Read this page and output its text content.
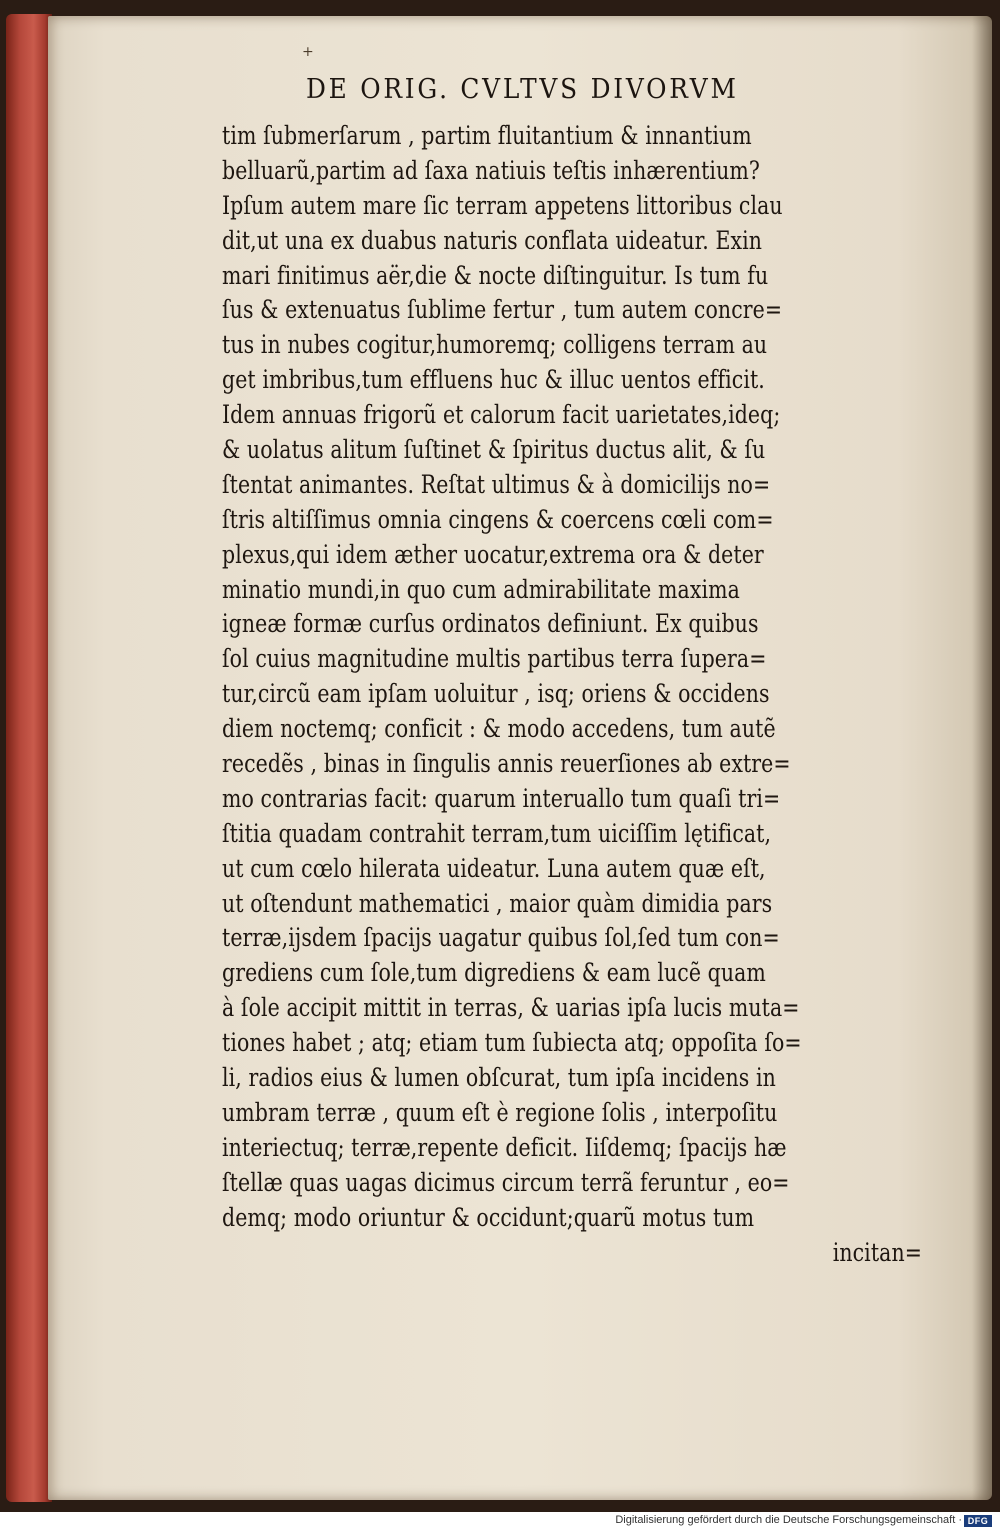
+
DE ORIG. CVLTVS DIVORVM
tim ſubmerſarum , partim fluitantium & innantium
belluarũ,partim ad ſaxa natiuis teſtis inhærentium?
Ipſum autem mare ſic terram appetens littoribus clau
dit,ut una ex duabus naturis conflata uideatur. Exin
mari finitimus aër,die & nocte diſtinguitur. Is tum fu
ſus & extenuatus ſublime fertur , tum autem concre=
tus in nubes cogitur,humoremq; colligens terram au
get imbribus,tum effluens huc & illuc uentos efficit.
Idem annuas frigorũ et calorum facit uarietates,ideq;
& uolatus alitum ſuſtinet & ſpiritus ductus alit, & ſu
ſtentat animantes. Reſtat ultimus & à domicilijs no=
ſtris altiſſimus omnia cingens & coercens cœli com=
plexus,qui idem æther uocatur,extrema ora & deter
minatio mundi,in quo cum admirabilitate maxima
igneæ formæ curſus ordinatos definiunt. Ex quibus
ſol cuius magnitudine multis partibus terra ſupera=
tur,circũ eam ipſam uoluitur , isq; oriens & occidens
diem noctemq; conficit : & modo accedens, tum autẽ
recedẽs , binas in ſingulis annis reuerſiones ab extre=
mo contrarias facit: quarum interuallo tum quaſi tri=
ſtitia quadam contrahit terram,tum uiciſſim lętificat,
ut cum cœlo hilerata uideatur. Luna autem quæ eſt,
ut oſtendunt mathematici , maior quàm dimidia pars
terræ,ijsdem ſpacijs uagatur quibus ſol,ſed tum con=
grediens cum ſole,tum digrediens & eam lucẽ quam
à ſole accipit mittit in terras, & uarias ipſa lucis muta=
tiones habet ; atq; etiam tum ſubiecta atq; oppoſita ſo=
li, radios eius & lumen obſcurat, tum ipſa incidens in
umbram terræ , quum eſt è regione ſolis , interpoſitu
interiectuq; terræ,repente deficit. Iiſdemq; ſpacijs hæ
ſtellæ quas uagas dicimus circum terrã feruntur , eo=
demq; modo oriuntur & occidunt;quarũ motus tum
incitan=
Digitalisierung gefördert durch die Deutsche Forschungsgemeinschaft · DFG
